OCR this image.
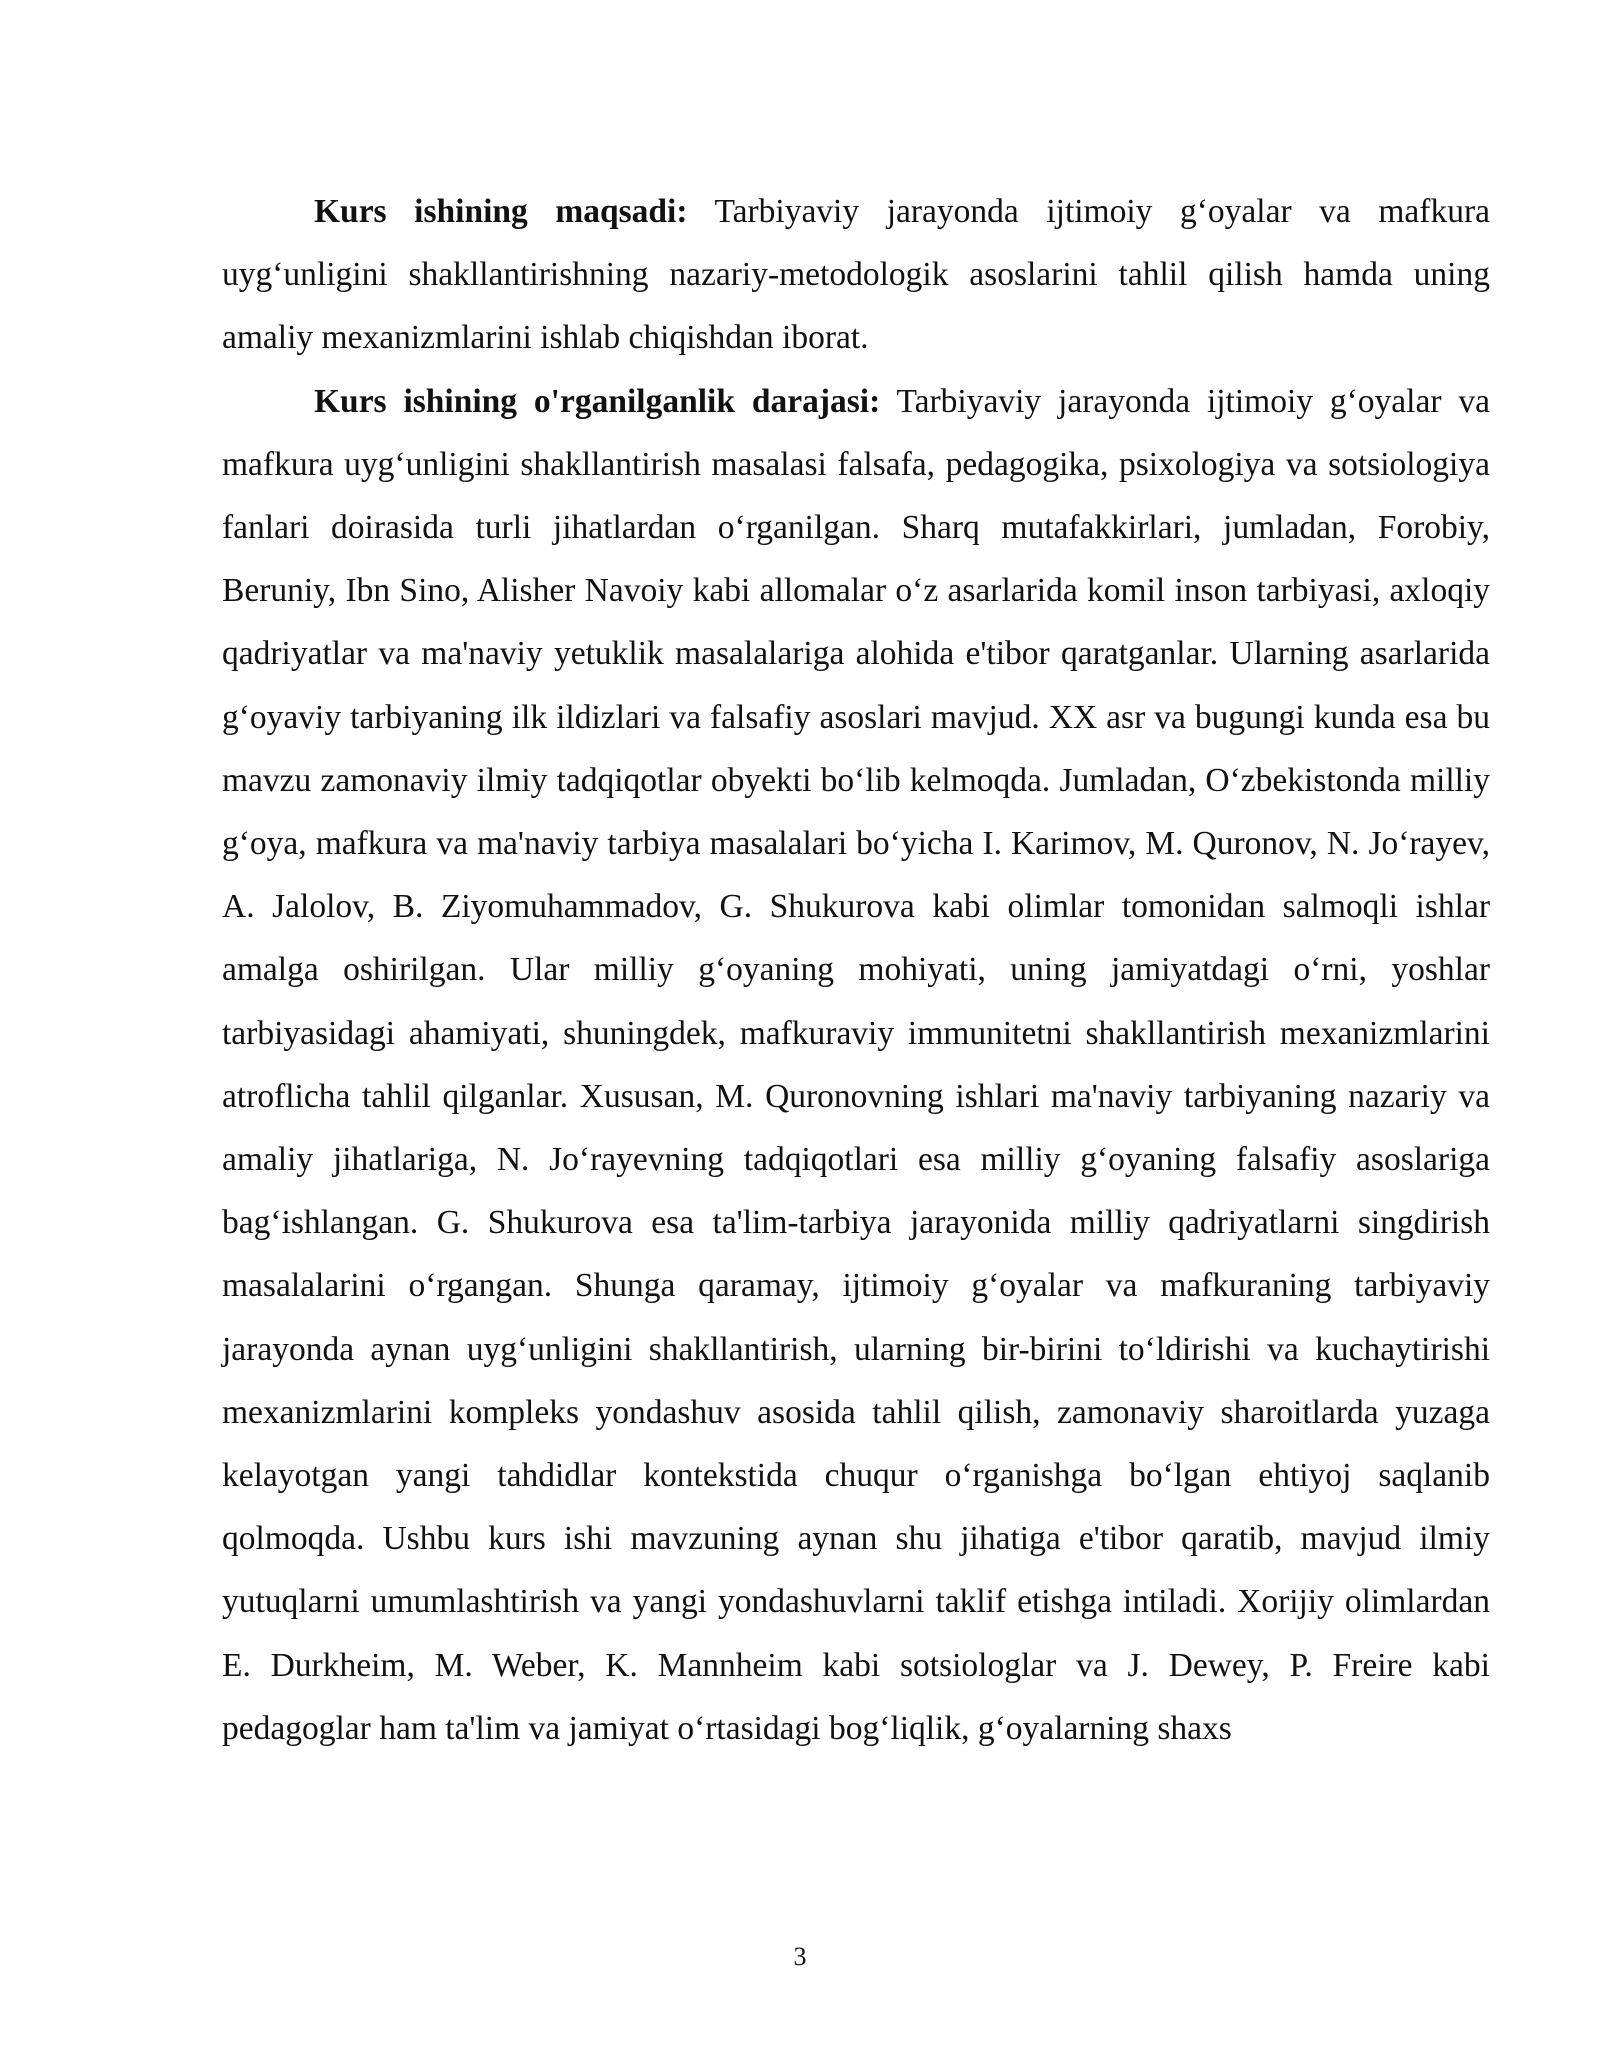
Kurs ishining maqsadi: Tarbiyaviy jarayonda ijtimoiy g‘oyalar va mafkura uyg‘unligini shakllantirishning nazariy-metodologik asoslarini tahlil qilish hamda uning amaliy mexanizmlarini ishlab chiqishdan iborat.

Kurs ishining o'rganilganlik darajasi: Tarbiyaviy jarayonda ijtimoiy g‘oyalar va mafkura uyg‘unligini shakllantirish masalasi falsafa, pedagogika, psixologiya va sotsiologiya fanlari doirasida turli jihatlardan o‘rganilgan. Sharq mutafakkirlari, jumladan, Forobiy, Beruniy, Ibn Sino, Alisher Navoiy kabi allomalar o‘z asarlarida komil inson tarbiyasi, axloqiy qadriyatlar va ma'naviy yetuklik masalalariga alohida e'tibor qaratganlar. Ularning asarlarida g‘oyaviy tarbiyaning ilk ildizlari va falsafiy asoslari mavjud. XX asr va bugungi kunda esa bu mavzu zamonaviy ilmiy tadqiqotlar obyekti bo‘lib kelmoqda. Jumladan, O‘zbekistonda milliy g‘oya, mafkura va ma'naviy tarbiya masalalari bo‘yicha I. Karimov, M. Quronov, N. Jo‘rayev, A. Jalolov, B. Ziyomuhammadov, G. Shukurova kabi olimlar tomonidan salmoqli ishlar amalga oshirilgan. Ular milliy g‘oyaning mohiyati, uning jamiyatdagi o‘rni, yoshlar tarbiyasidagi ahamiyati, shuningdek, mafkuraviy immunitetni shakllantirish mexanizmlarini atroflicha tahlil qilganlar. Xususan, M. Quronovning ishlari ma'naviy tarbiyaning nazariy va amaliy jihatlariga, N. Jo‘rayevning tadqiqotlari esa milliy g‘oyaning falsafiy asoslariga bag‘ishlangan. G. Shukurova esa ta'lim-tarbiya jarayonida milliy qadriyatlarni singdirish masalalarini o‘rgangan. Shunga qaramay, ijtimoiy g‘oyalar va mafkuraning tarbiyaviy jarayonda aynan uyg‘unligini shakllantirish, ularning bir-birini to‘ldirishi va kuchaytirishi mexanizmlarini kompleks yondashuv asosida tahlil qilish, zamonaviy sharoitlarda yuzaga kelayotgan yangi tahdidlar kontekstida chuqur o‘rganishga bo‘lgan ehtiyoj saqlanib qolmoqda. Ushbu kurs ishi mavzuning aynan shu jihatiga e'tibor qaratib, mavjud ilmiy yutuqlarni umumlashtirish va yangi yondashuvlarni taklif etishga intiladi. Xorijiy olimlardan E. Durkheim, M. Weber, K. Mannheim kabi sotsiologlar va J. Dewey, P. Freire kabi pedagoglar ham ta'lim va jamiyat o‘rtasidagi bog‘liqlik, g‘oyalarning shaxs

3
